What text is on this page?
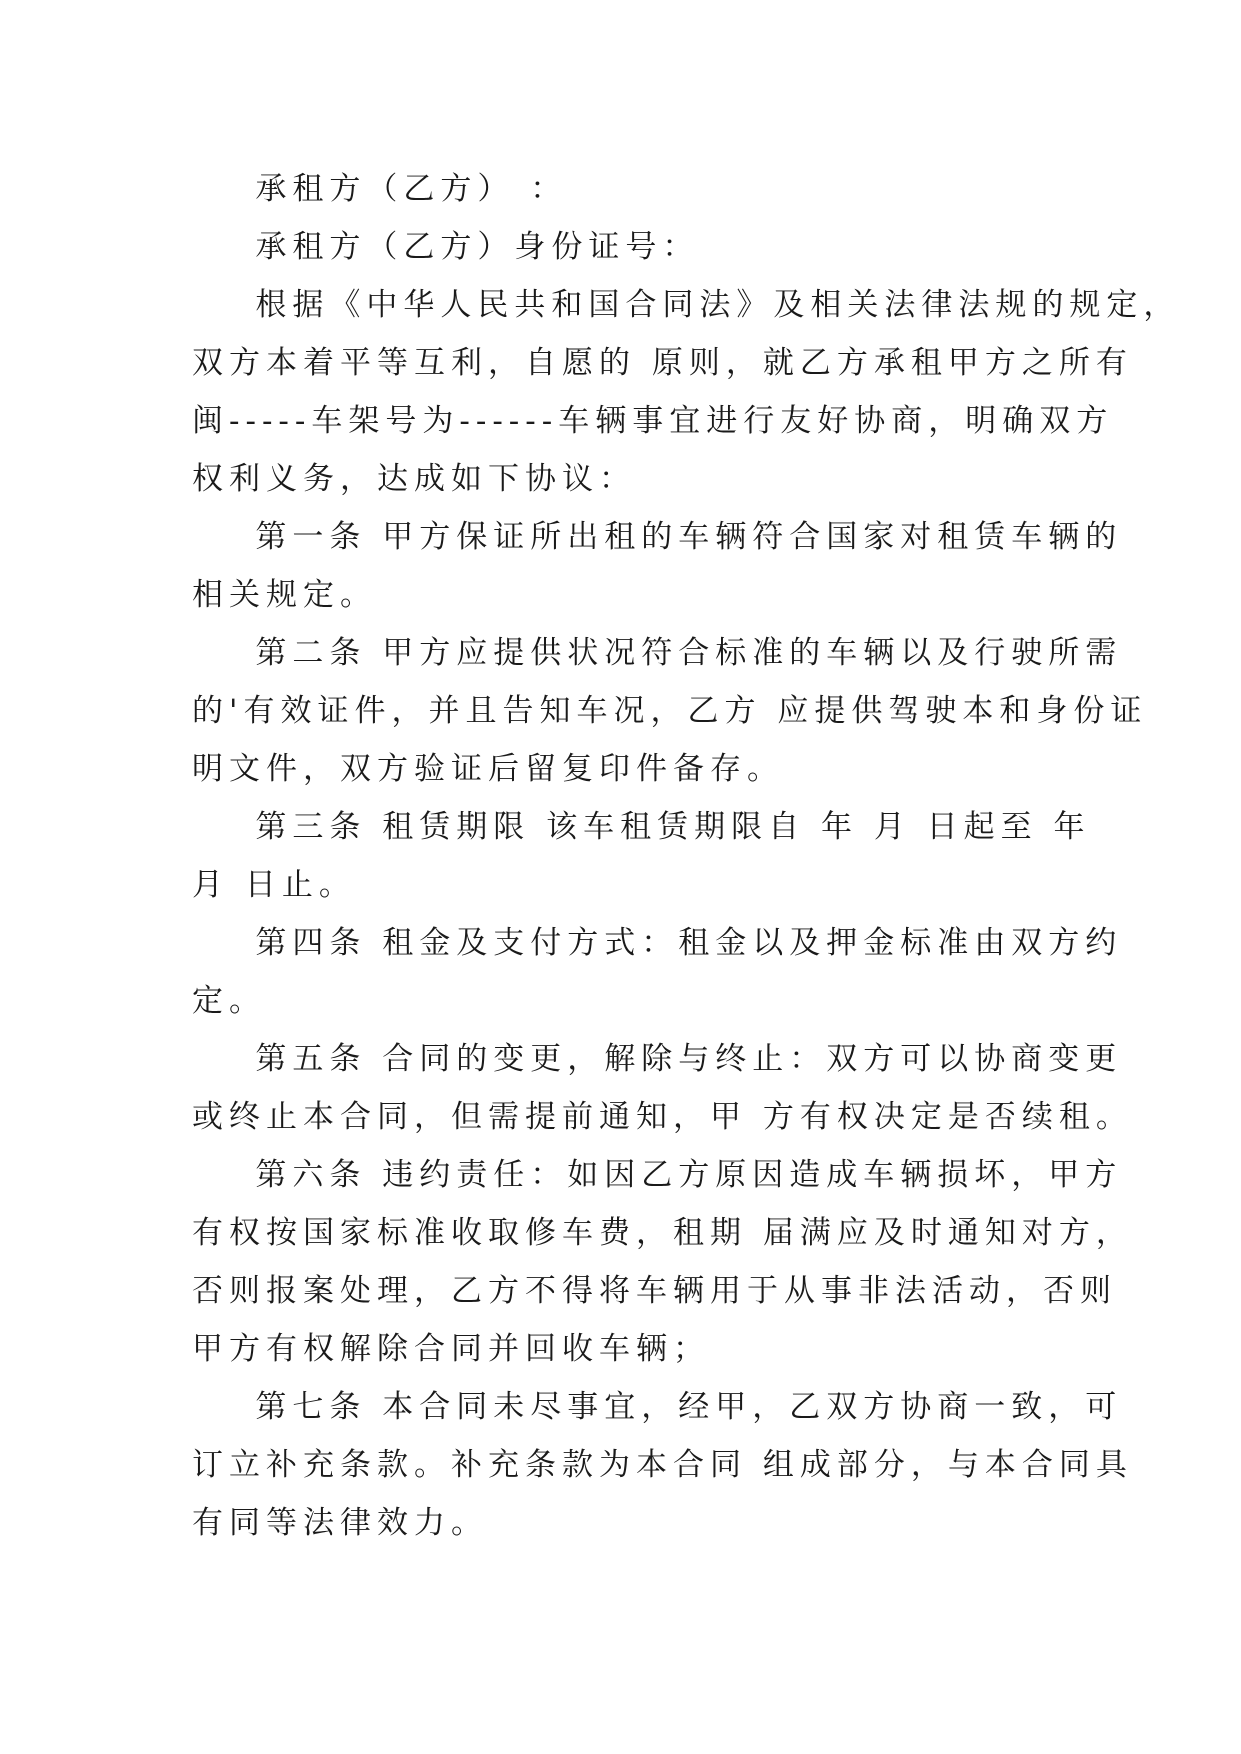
承租方（乙方） ：
承租方（乙方）身份证号：
根据《中华人民共和国合同法》及相关法律法规的规定，
双方本着平等互利，自愿的 原则，就乙方承租甲方之所有
闽-----车架号为------车辆事宜进行友好协商，明确双方
权利义务，达成如下协议：
第一条 甲方保证所出租的车辆符合国家对租赁车辆的
相关规定。
第二条 甲方应提供状况符合标准的车辆以及行驶所需
的'有效证件，并且告知车况，乙方 应提供驾驶本和身份证
明文件，双方验证后留复印件备存。
第三条 租赁期限 该车租赁期限自 年 月 日起至 年
月 日止。
第四条 租金及支付方式：租金以及押金标准由双方约
定。
第五条 合同的变更，解除与终止：双方可以协商变更
或终止本合同，但需提前通知，甲 方有权决定是否续租。
第六条 违约责任：如因乙方原因造成车辆损坏，甲方
有权按国家标准收取修车费，租期 届满应及时通知对方，
否则报案处理，乙方不得将车辆用于从事非法活动，否则
甲方有权解除合同并回收车辆；
第七条 本合同未尽事宜，经甲，乙双方协商一致，可
订立补充条款。补充条款为本合同 组成部分，与本合同具
有同等法律效力。
